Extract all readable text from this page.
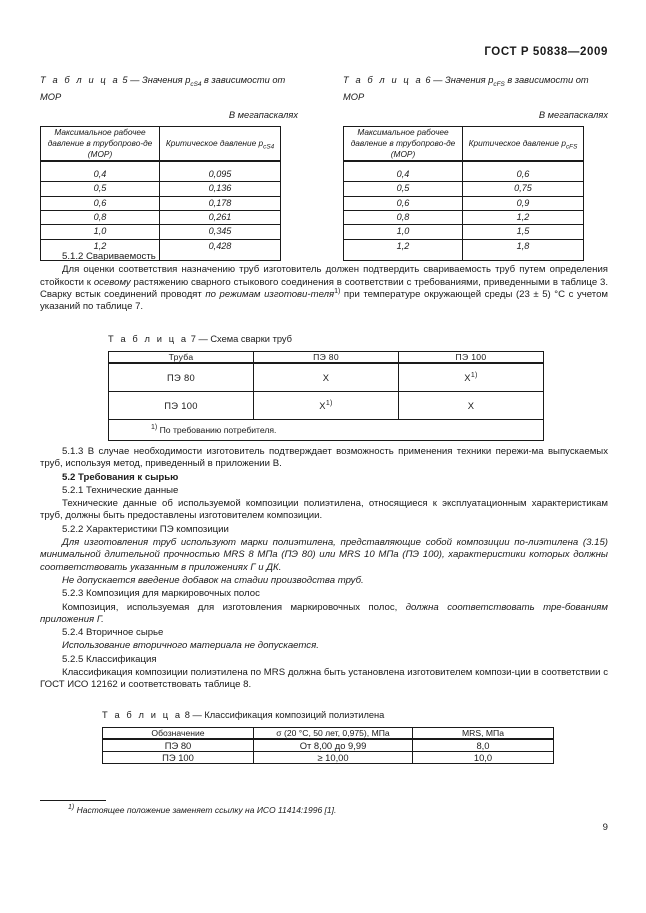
ГОСТ Р 50838—2009

Т а б л и ц а 5 — Значения $p_{cS4}$ в зависимости от MOP

В мегапаскалях

Максимальное рабочее давление в трубопрово-де (MOP)	Критическое давление $p_{cS4}$
0,4	0,095
0,5	0,136
0,6	0,178
0,8	0,261
1,0	0,345
1,2	0,428

Т а б л и ц а 6 — Значения $p_{cFS}$ в зависимости от MOP

В мегапаскалях

Максимальное рабочее давление в трубопрово-де (MOP)	Критическое давление $p_{cFS}$
0,4	0,6
0,5	0,75
0,6	0,9
0,8	1,2
1,0	1,5
1,2	1,8

5.1.2 Свариваемость

Для оценки соответствия назначению труб изготовитель должен подтвердить свариваемость труб путем определения стойкости к осевому растяжению сварного стыкового соединения в соответствии с требованиями, приведенными в таблице 3. Сварку встык соединений проводят по режимам изготови-теля$^{1)}$ при температуре окружающей среды (23 ± 5) °С с учетом указаний по таблице 7.

Т а б л и ц а 7 — Схема сварки труб

Труба	ПЭ 80	ПЭ 100
ПЭ 80	X	$X^{1)}$
ПЭ 100	$X^{1)}$	X
$^{1)}$ По требованию потребителя.		

5.1.3 В случае необходимости изготовитель подтверждает возможность применения техники пережи-ма выпускаемых труб, используя метод, приведенный в приложении В.

5.2 Требования к сырью

5.2.1 Технические данные

Технические данные об используемой композиции полиэтилена, относящиеся к эксплуатационным характеристикам труб, должны быть предоставлены изготовителем композиции.

5.2.2 Характеристики ПЭ композиции

Для изготовления труб используют марки полиэтилена, представляющие собой композиции по-лиэтилена (3.15) минимальной длительной прочностью MRS 8 МПа (ПЭ 80) или MRS 10 МПа (ПЭ 100), характеристики которых должны соответствовать указанным в приложениях Г и ДК.

Не допускается введение добавок на стадии производства труб.

5.2.3 Композиция для маркировочных полос

Композиция, используемая для изготовления маркировочных полос, должна соответствовать тре-бованиям приложения Г.

5.2.4 Вторичное сырье

Использование вторичного материала не допускается.

5.2.5 Классификация

Классификация композиции полиэтилена по MRS должна быть установлена изготовителем компози-ции в соответствии с ГОСТ ИСО 12162 и соответствовать таблице 8.

Т а б л и ц а 8 — Классификация композиций полиэтилена

Обозначение	σ (20 °С, 50 лет, 0,975), МПа	MRS, МПа
ПЭ 80	От 8,00 до 9,99	8,0
ПЭ 100	≥ 10,00	10,0

$^{1)}$ Настоящее положение заменяет ссылку на ИСО 11414:1996 [1].

9
